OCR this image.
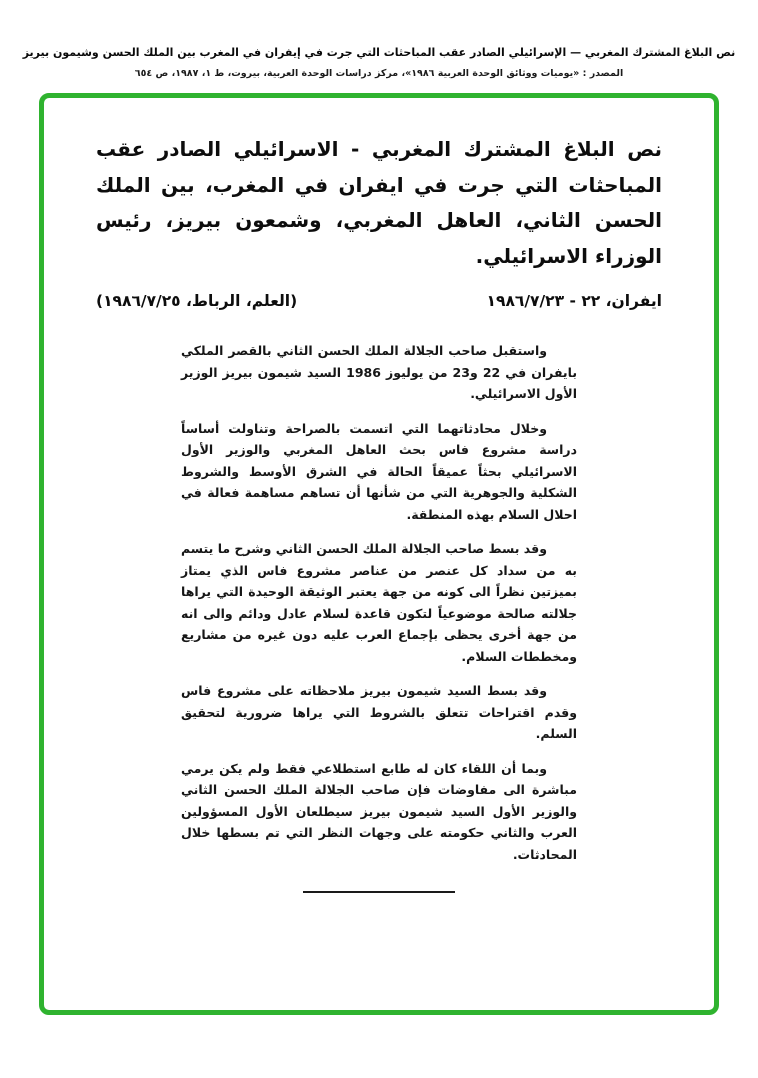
نص البلاغ المشترك المغربي — الإسرائيلي الصادر عقب المباحثات التي جرت في إيفران في المغرب بين الملك الحسن وشيمون بيريز
المصدر : «يوميات ووثائق الوحدة العربية ١٩٨٦»، مركز دراسات الوحدة العربية، بيروت، ط ١، ١٩٨٧، ص ٦٥٤
نص البلاغ المشترك المغربي - الاسرائيلي الصادر عقب المباحثات التي جرت في ايفران في المغرب، بين الملك الحسن الثاني، العاهل المغربي، وشمعون بيريز، رئيس الوزراء الاسرائيلي.
ايفران، ٢٢ - ١٩٨٦/٧/٢٣
(العلم، الرباط، ١٩٨٦/٧/٢٥)

واستقبل صاحب الجلالة الملك الحسن الثاني بالقصر الملكي بايفران في 22 و23 من يوليوز 1986 السيد شيمون بيريز الوزير الأول الاسرائيلي.

وخلال محادثاتهما التي اتسمت بالصراحة وتناولت أساساً دراسة مشروع فاس بحث العاهل المغربي والوزير الأول الاسرائيلي بحثاً عميقاً الحالة في الشرق الأوسط والشروط الشكلية والجوهرية التي من شأنها أن تساهم مساهمة فعالة في احلال السلام بهذه المنطقة.

وقد بسط صاحب الجلالة الملك الحسن الثاني وشرح ما يتسم به من سداد كل عنصر من عناصر مشروع فاس الذي يمتاز بميزتين نظراً الى كونه من جهة يعتبر الوثيقة الوحيدة التي يراها جلالته صالحة موضوعياً لتكون قاعدة لسلام عادل ودائم والى انه من جهة أخرى يحظى بإجماع العرب عليه دون غيره من مشاريع ومخططات السلام.

وقد بسط السيد شيمون بيريز ملاحظاته على مشروع فاس وقدم اقتراحات تتعلق بالشروط التي يراها ضرورية لتحقيق السلم.

وبما أن اللقاء كان له طابع استطلاعي فقط ولم يكن يرمي مباشرة الى مفاوضات فإن صاحب الجلالة الملك الحسن الثاني والوزير الأول السيد شيمون بيريز سيطلعان الأول المسؤولين العرب والثاني حكومته على وجهات النظر التي تم بسطها خلال المحادثات.
